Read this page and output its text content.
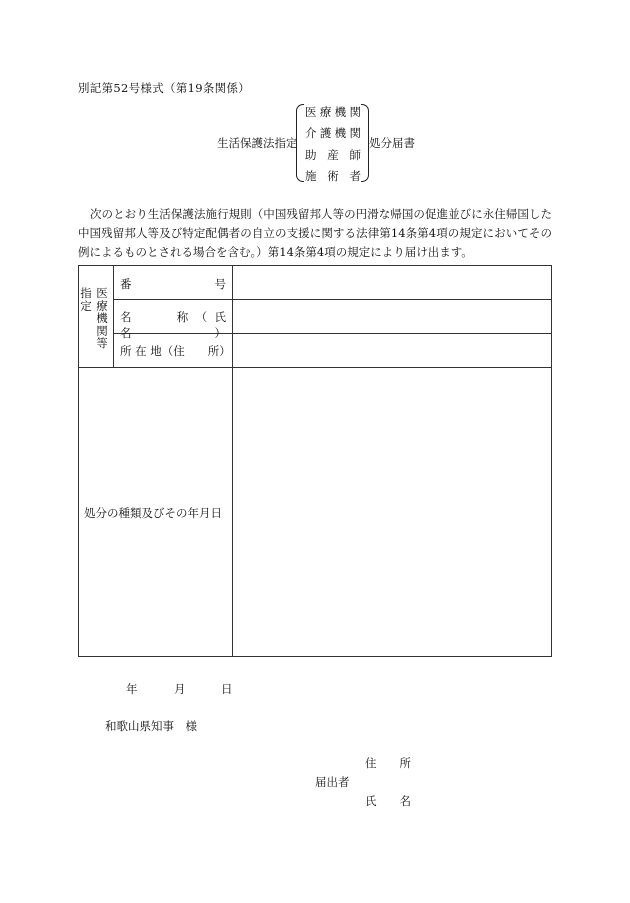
別記第52号様式（第19条関係）
生活保護法指定
医療機関
介護機関
助 産 師
施 術 者
処分届書
次のとおり生活保護法施行規則（中国残留邦人等の円滑な帰国の促進並びに永住帰国した中国残留邦人等及び特定配偶者の自立の支援に関する法律第14条第4項の規定においてその例によるものとされる場合を含む。）第14条第4項の規定により届け出ます。
指定
医療機関等
番　　　　　　　号
名　　称（氏　　名）
所 在 地（住　　所）
処分の種類及びその年月日
年	月	日
和歌山県知事　様
住　　所
届出者
氏　　名
